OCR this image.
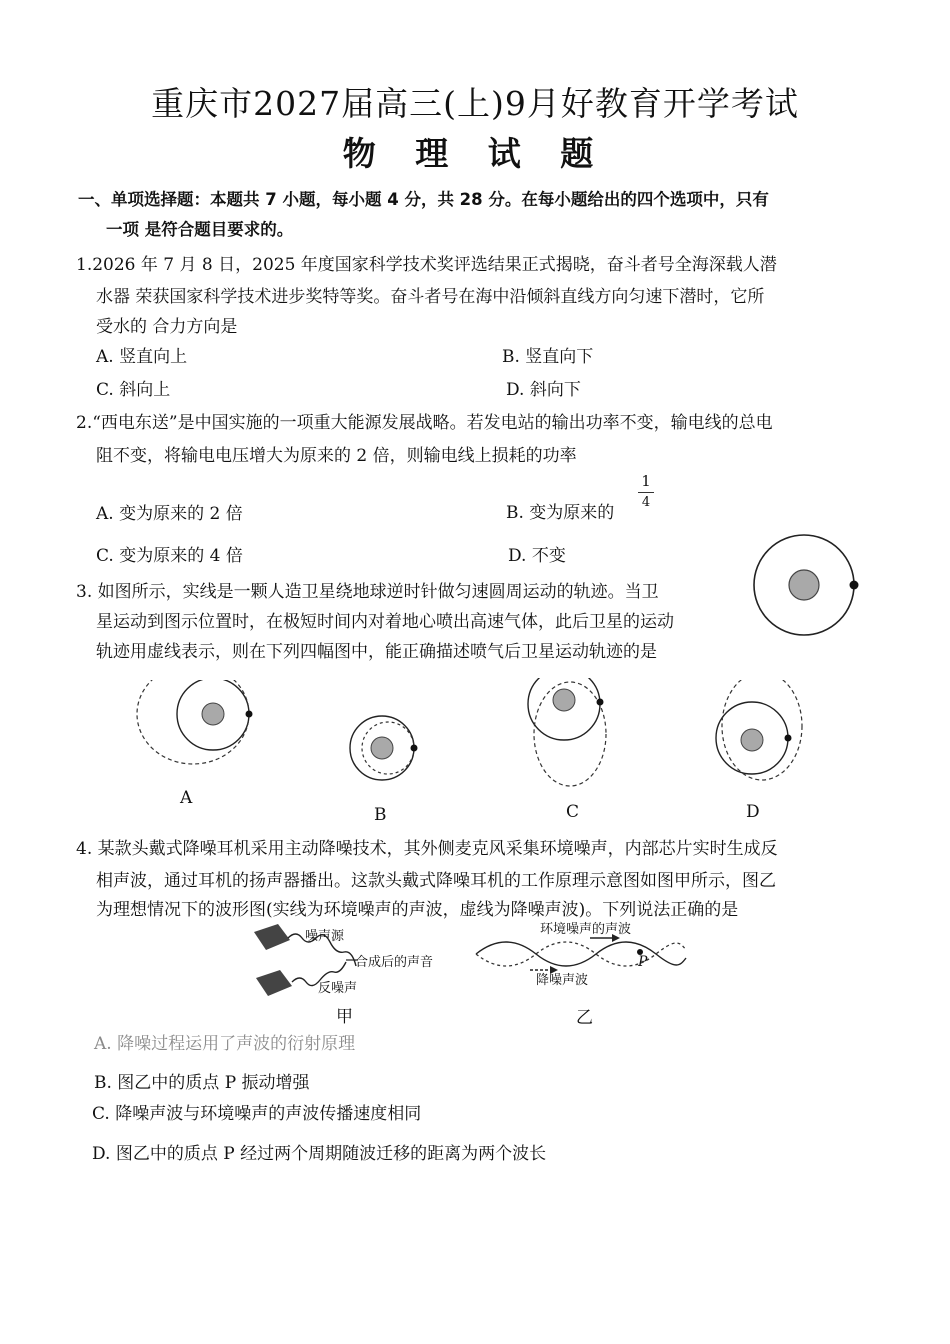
重庆市2027届高三(上)9月好教育开学考试
物 理 试 题
一、单项选择题：本题共 7 小题，每小题 4 分，共 28 分。在每小题给出的四个选项中，只有
一项 是符合题目要求的。
1.2026 年 7 月 8 日，2025 年度国家科学技术奖评选结果正式揭晓，奋斗者号全海深载人潜
水器 荣获国家科学技术进步奖特等奖。奋斗者号在海中沿倾斜直线方向匀速下潜时，它所
受水的 合力方向是
A. 竖直向上	B. 竖直向下
C. 斜向上	D. 斜向下
2.“西电东送”是中国实施的一项重大能源发展战略。若发电站的输出功率不变，输电线的总电
阻不变，将输电电压增大为原来的 2 倍，则输电线上损耗的功率
A. 变为原来的 2 倍	B. 变为原来的
1
4
C. 变为原来的 4 倍	D. 不变
3. 如图所示，实线是一颗人造卫星绕地球逆时针做匀速圆周运动的轨迹。当卫
星运动到图示位置时，在极短时间内对着地心喷出高速气体，此后卫星的运动
轨迹用虚线表示，则在下列四幅图中，能正确描述喷气后卫星运动轨迹的是
A
B	C	D
4. 某款头戴式降噪耳机采用主动降噪技术，其外侧麦克风采集环境噪声，内部芯片实时生成反
相声波，通过耳机的扬声器播出。这款头戴式降噪耳机的工作原理示意图如图甲所示，图乙
为理想情况下的波形图(实线为环境噪声的声波，虚线为降噪声波)。下列说法正确的是
噪声源
合成后的声音
反噪声
甲
环境噪声的声波
降噪声波
P
乙
A. 降噪过程运用了声波的衍射原理
B. 图乙中的质点 P 振动增强
C. 降噪声波与环境噪声的声波传播速度相同
D. 图乙中的质点 P 经过两个周期随波迁移的距离为两个波长
